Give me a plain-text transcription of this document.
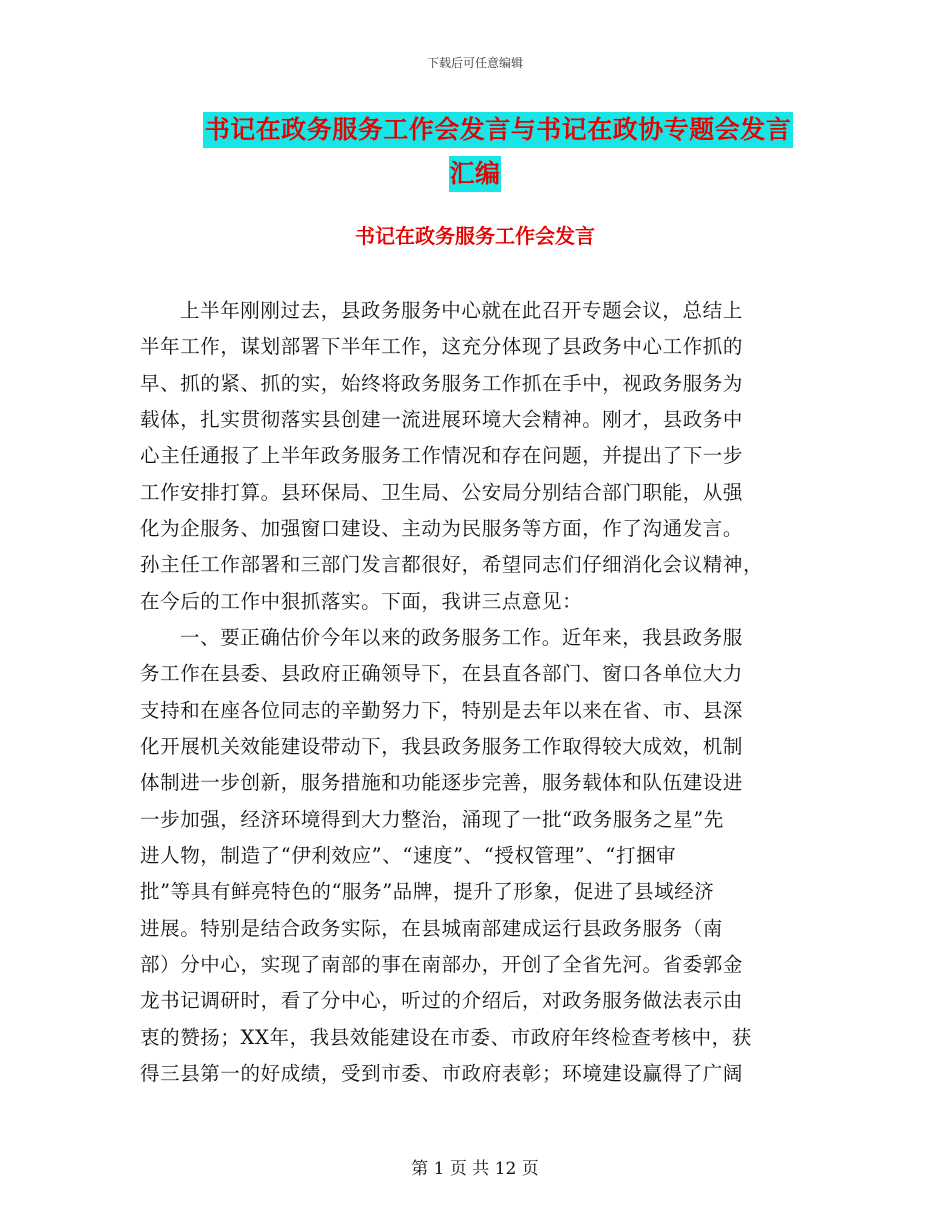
下载后可任意编辑
书记在政务服务工作会发言与书记在政协专题会发言
汇编
书记在政务服务工作会发言
上半年刚刚过去，县政务服务中心就在此召开专题会议，总结上
半年工作，谋划部署下半年工作，这充分体现了县政务中心工作抓的
早、抓的紧、抓的实，始终将政务服务工作抓在手中，视政务服务为
载体，扎实贯彻落实县创建一流进展环境大会精神。刚才，县政务中
心主任通报了上半年政务服务工作情况和存在问题，并提出了下一步
工作安排打算。县环保局、卫生局、公安局分别结合部门职能，从强
化为企服务、加强窗口建设、主动为民服务等方面，作了沟通发言。
孙主任工作部署和三部门发言都很好，希望同志们仔细消化会议精神，
在今后的工作中狠抓落实。下面，我讲三点意见：
一、要正确估价今年以来的政务服务工作。近年来，我县政务服
务工作在县委、县政府正确领导下，在县直各部门、窗口各单位大力
支持和在座各位同志的辛勤努力下，特别是去年以来在省、市、县深
化开展机关效能建设带动下，我县政务服务工作取得较大成效，机制
体制进一步创新，服务措施和功能逐步完善，服务载体和队伍建设进
一步加强，经济环境得到大力整治，涌现了一批“政务服务之星”先
进人物，制造了“伊利效应”、“速度”、“授权管理”、“打捆审
批”等具有鲜亮特色的“服务”品牌，提升了形象，促进了县域经济
进展。特别是结合政务实际，在县城南部建成运行县政务服务（南
部）分中心，实现了南部的事在南部办，开创了全省先河。省委郭金
龙书记调研时，看了分中心，听过的介绍后，对政务服务做法表示由
衷的赞扬；XX年，我县效能建设在市委、市政府年终检查考核中，获
得三县第一的好成绩，受到市委、市政府表彰；环境建设赢得了广阔
第 1 页 共 12 页
